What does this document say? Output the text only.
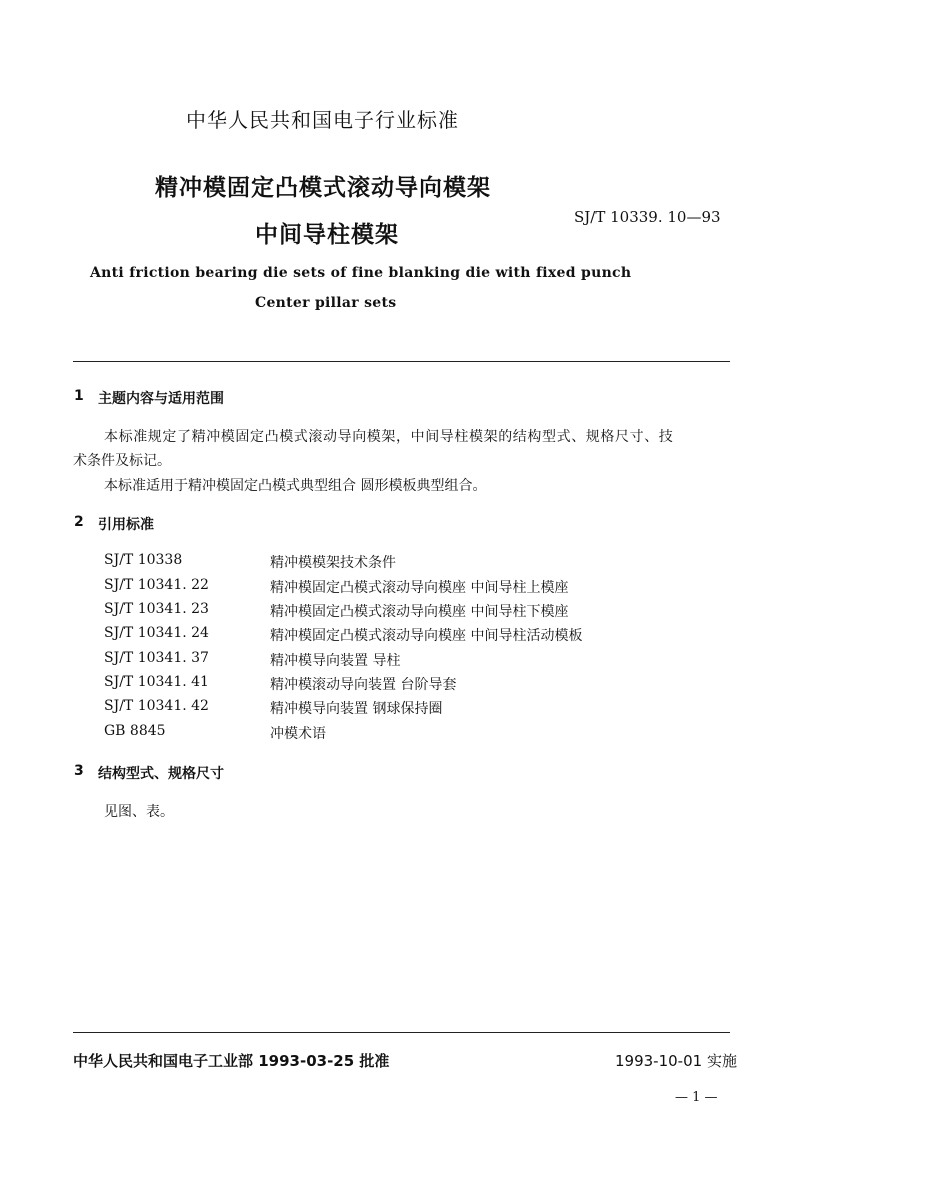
中华人民共和国电子行业标准
精冲模固定凸模式滚动导向模架
中间导柱模架
SJ/T 10339. 10—93
Anti friction bearing die sets of fine blanking die with fixed punch
Center pillar sets
1 主题内容与适用范围
本标准规定了精冲模固定凸模式滚动导向模架，中间导柱模架的结构型式、规格尺寸、技
术条件及标记。
本标准适用于精冲模固定凸模式典型组合 圆形模板典型组合。
2 引用标准
SJ/T 10338	精冲模模架技术条件
SJ/T 10341. 22	精冲模固定凸模式滚动导向模座 中间导柱上模座
SJ/T 10341. 23	精冲模固定凸模式滚动导向模座 中间导柱下模座
SJ/T 10341. 24	精冲模固定凸模式滚动导向模座 中间导柱活动模板
SJ/T 10341. 37	精冲模导向装置 导柱
SJ/T 10341. 41	精冲模滚动导向装置 台阶导套
SJ/T 10341. 42	精冲模导向装置 钢球保持圈
GB 8845	冲模术语
3 结构型式、规格尺寸
见图、表。
中华人民共和国电子工业部 1993-03-25 批准	1993-10-01 实施
— 1 —
